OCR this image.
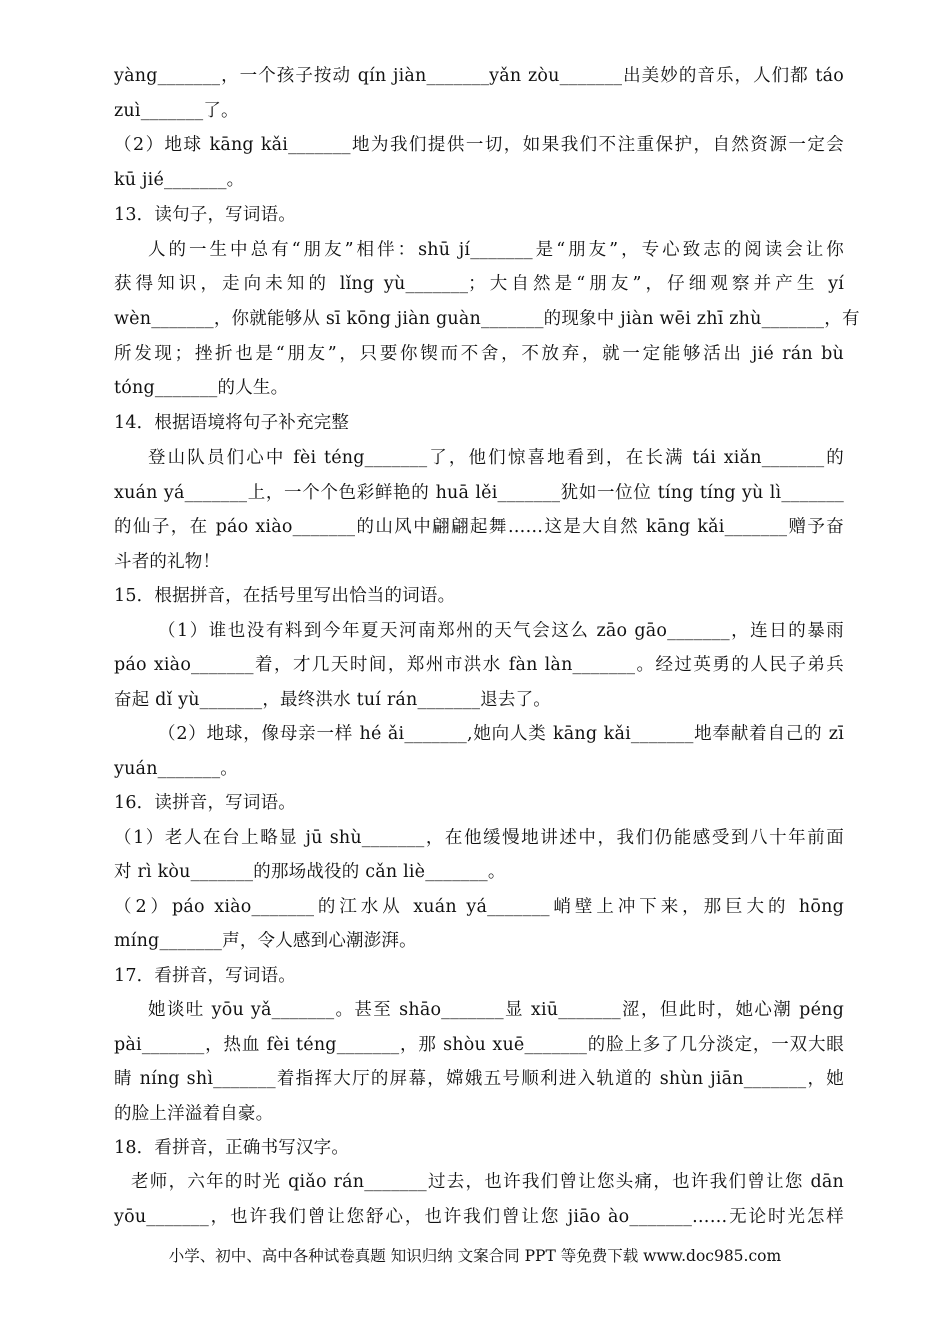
yàng_______，一个孩子按动 qín jiàn_______yǎn zòu_______出美妙的音乐，人们都 táo
zuì_______了。
（2）地球 kāng kǎi_______地为我们提供一切，如果我们不注重保护，自然资源一定会
kū jié_______。
13．读句子，写词语。
人的一生中总有“朋友”相伴：shū jí_______是“朋友”，专心致志的阅读会让你
获得知识，走向未知的 lǐng yù_______；大自然是“朋友”，仔细观察并产生 yí
wèn_______，你就能够从 sī kōng jiàn guàn_______的现象中 jiàn wēi zhī zhù_______，有
所发现；挫折也是“朋友”，只要你锲而不舍，不放弃，就一定能够活出 jié rán bù
tóng_______的人生。
14．根据语境将句子补充完整
登山队员们心中 fèi téng_______了，他们惊喜地看到，在长满 tái xiǎn_______的
xuán yá_______上，一个个色彩鲜艳的 huā lěi_______犹如一位位 tíng tíng yù lì_______
的仙子，在 páo xiào_______的山风中翩翩起舞……这是大自然 kāng kǎi_______赠予奋
斗者的礼物！
15．根据拼音，在括号里写出恰当的词语。
（1）谁也没有料到今年夏天河南郑州的天气会这么 zāo gāo_______，连日的暴雨
páo xiào_______着，才几天时间，郑州市洪水 fàn làn_______。经过英勇的人民子弟兵
奋起 dǐ yù_______，最终洪水 tuí rán_______退去了。
（2）地球，像母亲一样 hé ǎi_______,她向人类 kāng kǎi_______地奉献着自己的 zī
yuán_______。
16．读拼音，写词语。
（1）老人在台上略显 jū shù_______，在他缓慢地讲述中，我们仍能感受到八十年前面
对 rì kòu_______的那场战役的 cǎn liè_______。
（2）páo xiào_______的江水从 xuán yá_______峭壁上冲下来，那巨大的 hōng
míng_______声，令人感到心潮澎湃。
17．看拼音，写词语。
她谈吐 yōu yǎ_______。甚至 shāo_______显 xiū_______涩，但此时，她心潮 péng
pài_______，热血 fèi téng_______，那 shòu xuē_______的脸上多了几分淡定，一双大眼
睛 níng shì_______着指挥大厅的屏幕，嫦娥五号顺利进入轨道的 shùn jiān_______，她
的脸上洋溢着自豪。
18．看拼音，正确书写汉字。
老师，六年的时光 qiǎo rán_______过去，也许我们曾让您头痛，也许我们曾让您 dān
yōu_______，也许我们曾让您舒心，也许我们曾让您 jiāo ào_______……无论时光怎样
小学、初中、高中各种试卷真题 知识归纳 文案合同 PPT 等免费下载 www.doc985.com
